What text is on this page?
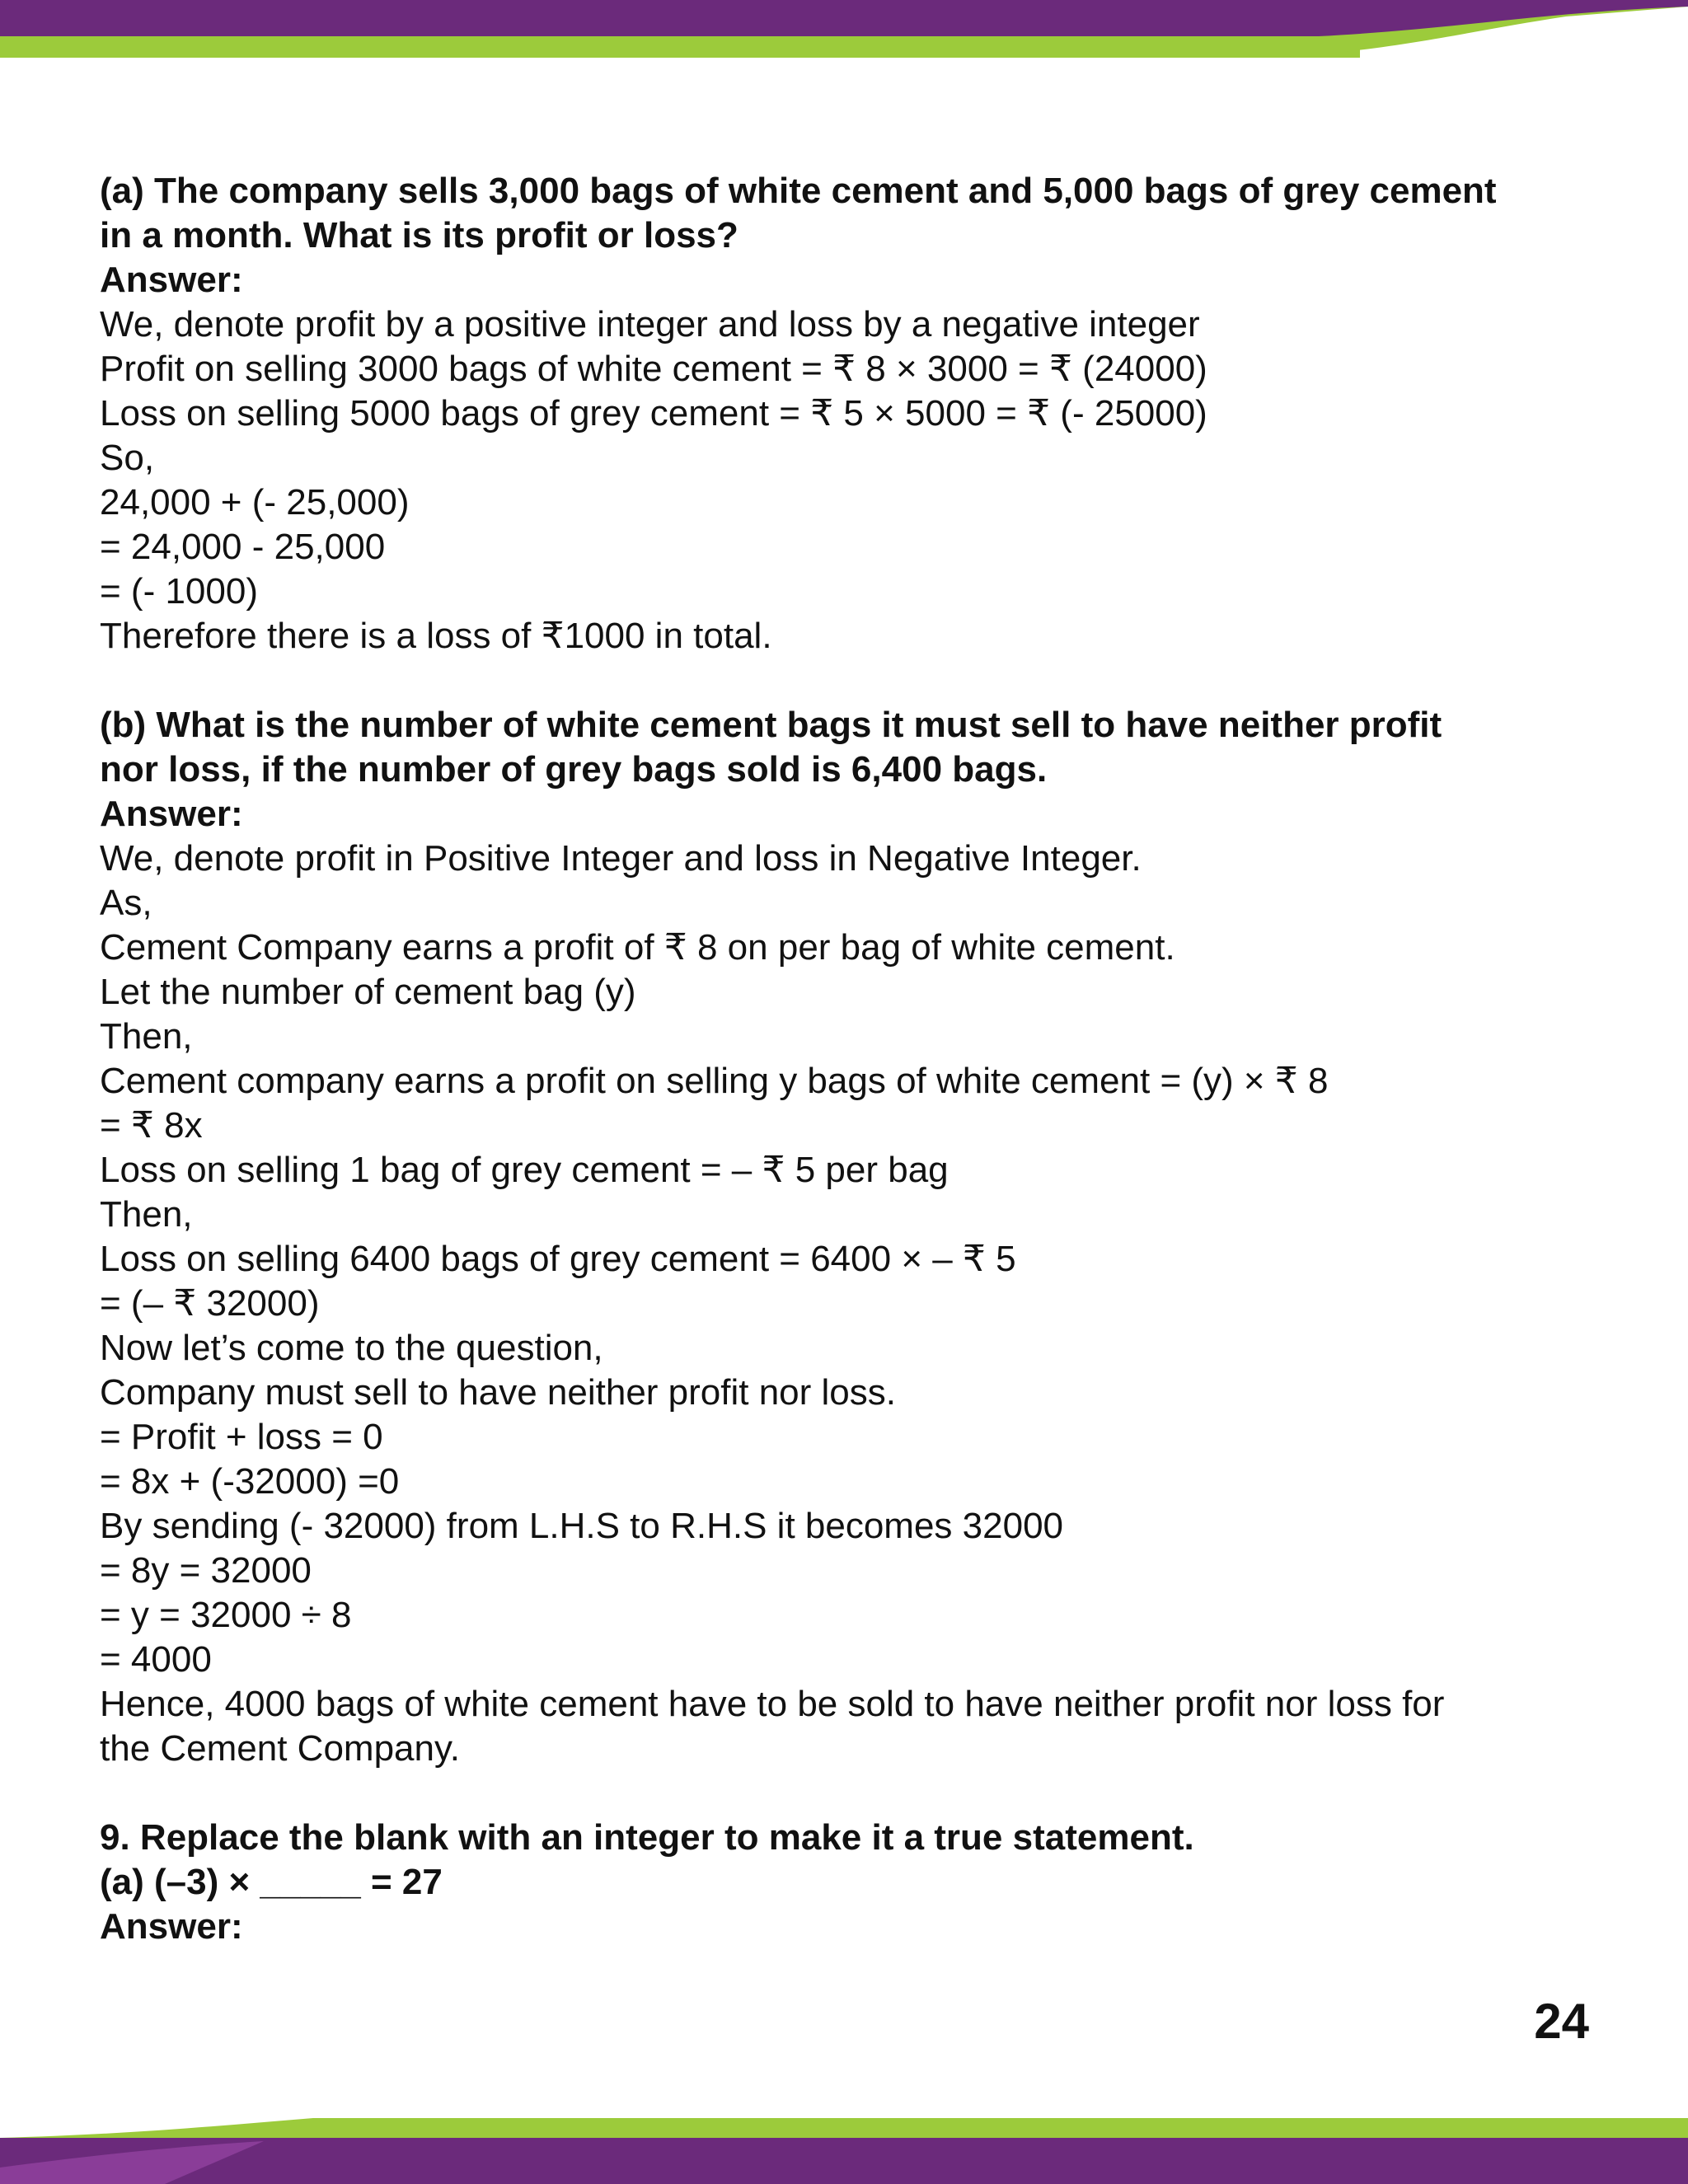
(a) The company sells 3,000 bags of white cement and 5,000 bags of grey cement

in a month. What is its profit or loss?

Answer:

We, denote profit by a positive integer and loss by a negative integer

Profit on selling 3000 bags of white cement = ₹ 8 × 3000 = ₹ (24000)

Loss on selling 5000 bags of grey cement = ₹ 5 × 5000 = ₹ (- 25000)

So,

24,000 + (- 25,000)

= 24,000 - 25,000

= (- 1000)

Therefore there is a loss of ₹1000 in total.

(b) What is the number of white cement bags it must sell to have neither profit

nor loss, if the number of grey bags sold is 6,400 bags.

Answer:

We, denote profit in Positive Integer and loss in Negative Integer.

As,

Cement Company earns a profit of ₹ 8 on per bag of white cement.

Let the number of cement bag (y)

Then,

Cement company earns a profit on selling y bags of white cement = (y) × ₹ 8

= ₹ 8x

Loss on selling 1 bag of grey cement = – ₹ 5 per bag

Then,

Loss on selling 6400 bags of grey cement = 6400 × – ₹ 5

= (– ₹ 32000)

Now let’s come to the question,

Company must sell to have neither profit nor loss.

= Profit + loss = 0

= 8x + (-32000) =0

By sending (- 32000) from L.H.S to R.H.S it becomes 32000

= 8y = 32000

= y = 32000 ÷ 8

= 4000

Hence, 4000 bags of white cement have to be sold to have neither profit nor loss for

the Cement Company.

9. Replace the blank with an integer to make it a true statement.

(a) (–3) × _____ = 27

Answer:

24
